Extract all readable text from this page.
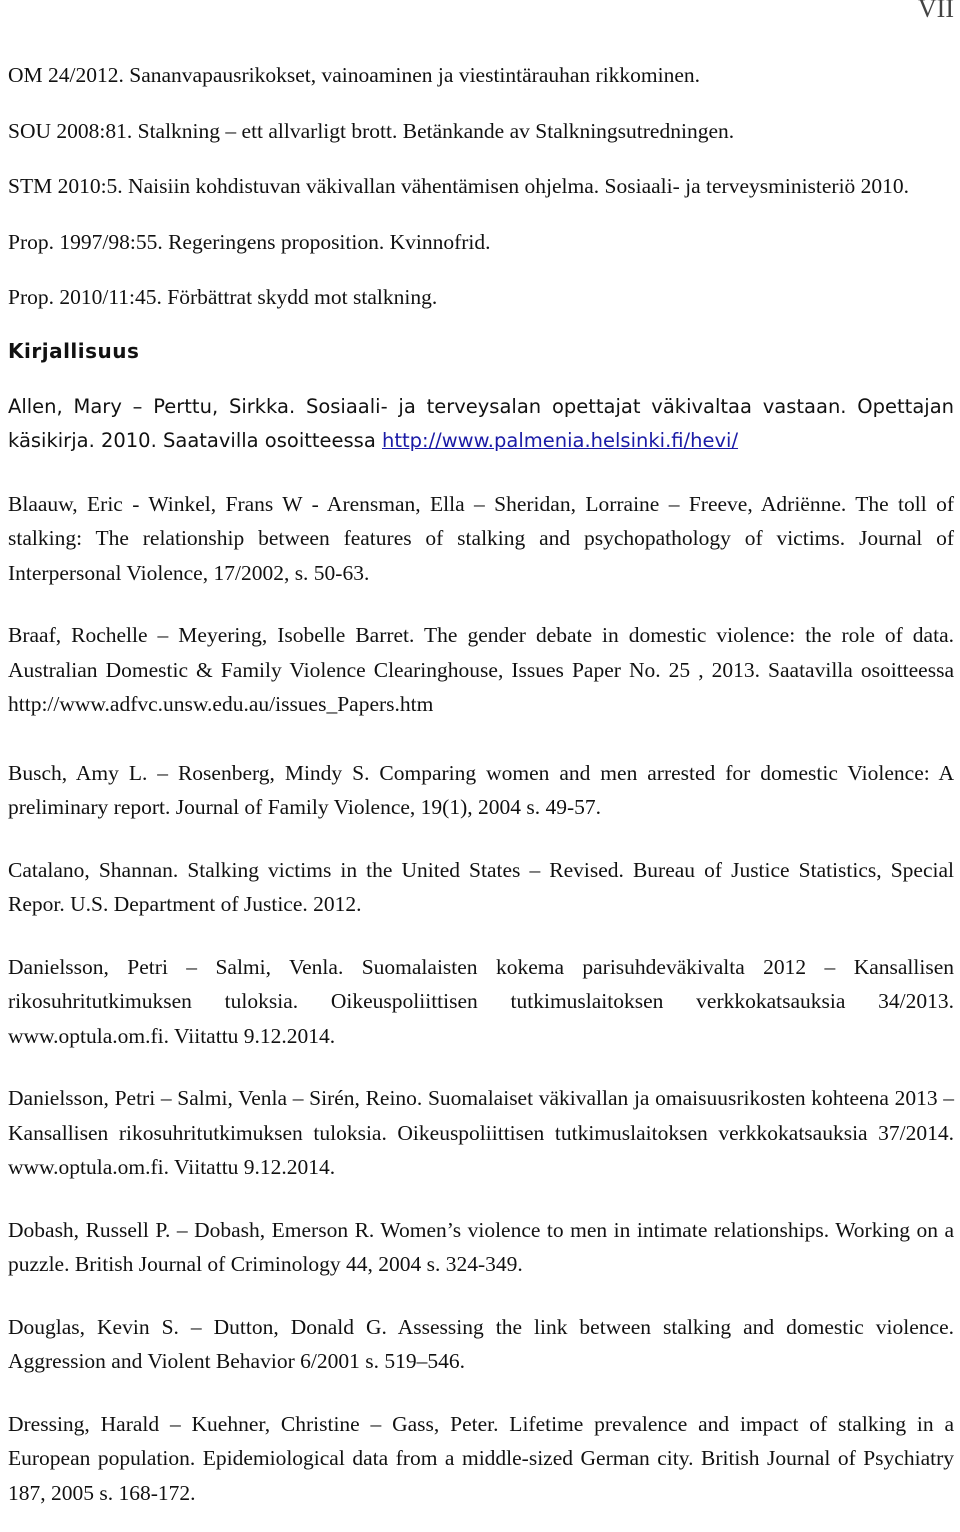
VII

OM 24/2012. Sananvapausrikokset, vainoaminen ja viestintärauhan rikkominen.

SOU 2008:81. Stalkning – ett allvarligt brott. Betänkande av Stalkningsutredningen.

STM 2010:5. Naisiin kohdistuvan väkivallan vähentämisen ohjelma. Sosiaali- ja terveysministeriö 2010.

Prop. 1997/98:55. Regeringens proposition. Kvinnofrid.

Prop. 2010/11:45. Förbättrat skydd mot stalkning.

Kirjallisuus

Allen, Mary – Perttu, Sirkka. Sosiaali- ja terveysalan opettajat väkivaltaa vastaan. Opettajan käsikirja. 2010. Saatavilla osoitteessa http://www.palmenia.helsinki.fi/hevi/

Blaauw, Eric - Winkel, Frans W - Arensman, Ella – Sheridan, Lorraine – Freeve, Adriënne. The toll of stalking: The relationship between features of stalking and psychopathology of victims. Journal of Interpersonal Violence, 17/2002, s. 50-63.

Braaf, Rochelle – Meyering, Isobelle Barret. The gender debate in domestic violence: the role of data. Australian Domestic & Family Violence Clearinghouse, Issues Paper No. 25 , 2013. Saatavilla osoitteessa http://www.adfvc.unsw.edu.au/issues_Papers.htm

Busch, Amy L. – Rosenberg, Mindy S. Comparing women and men arrested for domestic Violence: A preliminary report. Journal of Family Violence, 19(1), 2004 s. 49-57.

Catalano, Shannan. Stalking victims in the United States – Revised. Bureau of Justice Statistics, Special Repor. U.S. Department of Justice. 2012.

Danielsson, Petri – Salmi, Venla. Suomalaisten kokema parisuhdeväkivalta 2012 – Kansallisen rikosuhritutkimuksen tuloksia. Oikeuspoliittisen tutkimuslaitoksen verkkokatsauksia 34/2013. www.optula.om.fi. Viitattu 9.12.2014.

Danielsson, Petri – Salmi, Venla – Sirén, Reino. Suomalaiset väkivallan ja omaisuusrikosten kohteena 2013 – Kansallisen rikosuhritutkimuksen tuloksia. Oikeuspoliittisen tutkimuslaitoksen verkkokatsauksia 37/2014. www.optula.om.fi. Viitattu 9.12.2014.

Dobash, Russell P. – Dobash, Emerson R. Women’s violence to men in intimate relationships. Working on a puzzle. British Journal of Criminology 44, 2004 s. 324-349.

Douglas, Kevin S. – Dutton, Donald G. Assessing the link between stalking and domestic violence. Aggression and Violent Behavior 6/2001 s. 519–546.

Dressing, Harald – Kuehner, Christine – Gass, Peter. Lifetime prevalence and impact of stalking in a European population. Epidemiological data from a middle-sized German city. British Journal of Psychiatry 187, 2005 s. 168-172.
